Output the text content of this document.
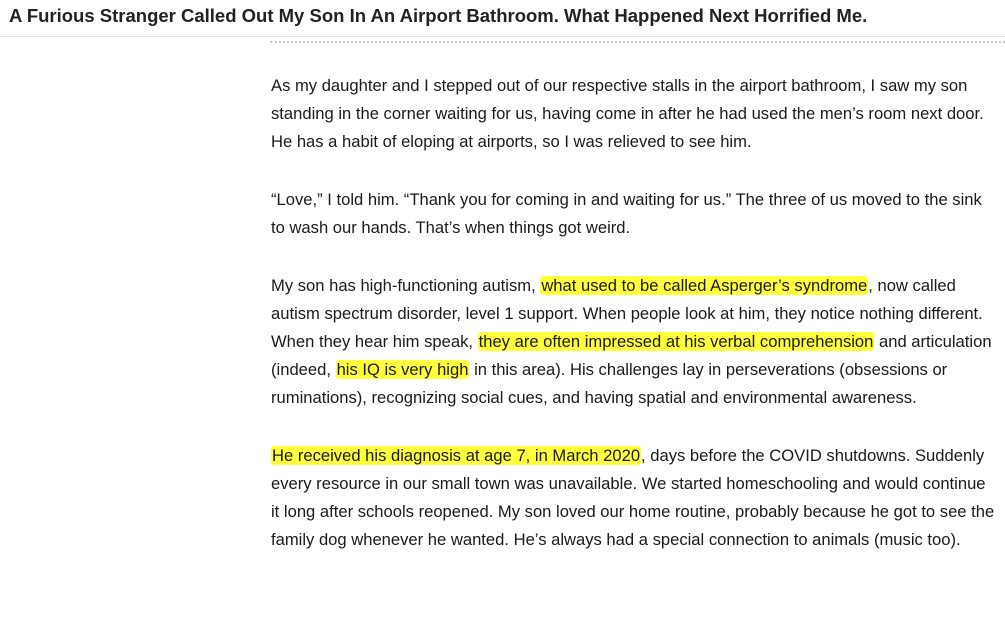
A Furious Stranger Called Out My Son In An Airport Bathroom. What Happened Next Horrified Me.

As my daughter and I stepped out of our respective stalls in the airport bathroom, I saw my son standing in the corner waiting for us, having come in after he had used the men’s room next door. He has a habit of eloping at airports, so I was relieved to see him.

“Love,” I told him. “Thank you for coming in and waiting for us.” The three of us moved to the sink to wash our hands. That’s when things got weird.

My son has high-functioning autism, what used to be called Asperger’s syndrome, now called autism spectrum disorder, level 1 support. When people look at him, they notice nothing different. When they hear him speak, they are often impressed at his verbal comprehension and articulation (indeed, his IQ is very high in this area). His challenges lay in perseverations (obsessions or ruminations), recognizing social cues, and having spatial and environmental awareness.

He received his diagnosis at age 7, in March 2020, days before the COVID shutdowns. Suddenly every resource in our small town was unavailable. We started homeschooling and would continue it long after schools reopened. My son loved our home routine, probably because he got to see the family dog whenever he wanted. He’s always had a special connection to animals (music too).
